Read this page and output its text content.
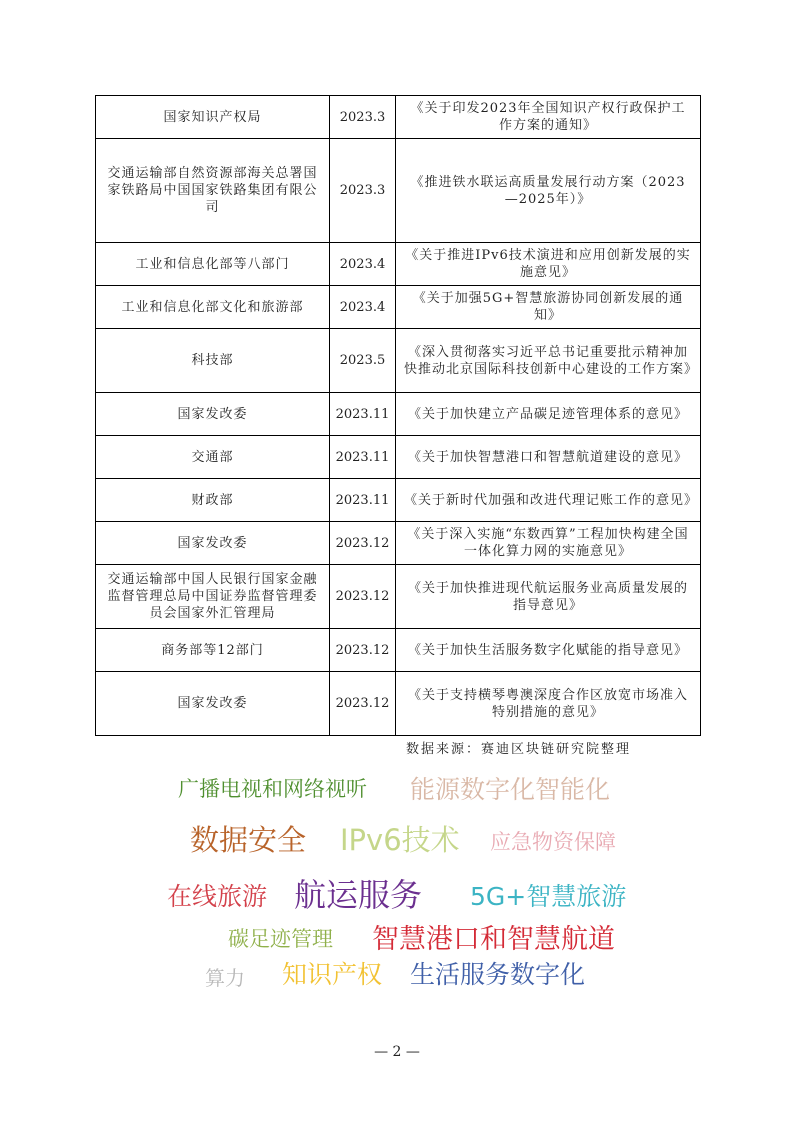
国家知识产权局	2023.3	《关于印发2023年全国知识产权行政保护工作方案的通知》
交通运输部自然资源部海关总署国家铁路局中国国家铁路集团有限公司	2023.3	《推进铁水联运高质量发展行动方案（2023—2025年）》
工业和信息化部等八部门	2023.4	《关于推进IPv6技术演进和应用创新发展的实施意见》
工业和信息化部文化和旅游部	2023.4	《关于加强5G+智慧旅游协同创新发展的通知》
科技部	2023.5	《深入贯彻落实习近平总书记重要批示精神加快推动北京国际科技创新中心建设的工作方案》
国家发改委	2023.11	《关于加快建立产品碳足迹管理体系的意见》
交通部	2023.11	《关于加快智慧港口和智慧航道建设的意见》
财政部	2023.11	《关于新时代加强和改进代理记账工作的意见》
国家发改委	2023.12	《关于深入实施“东数西算”工程加快构建全国一体化算力网的实施意见》
交通运输部中国人民银行国家金融监督管理总局中国证券监督管理委员会国家外汇管理局	2023.12	《关于加快推进现代航运服务业高质量发展的指导意见》
商务部等12部门	2023.12	《关于加快生活服务数字化赋能的指导意见》
国家发改委	2023.12	《关于支持横琴粤澳深度合作区放宽市场准入特别措施的意见》
数据来源：赛迪区块链研究院整理
广播电视和网络视听 能源数字化智能化
数据安全 IPv6技术 应急物资保障
在线旅游 航运服务 5G+智慧旅游
碳足迹管理 智慧港口和智慧航道
算力 知识产权 生活服务数字化
— 2 —
